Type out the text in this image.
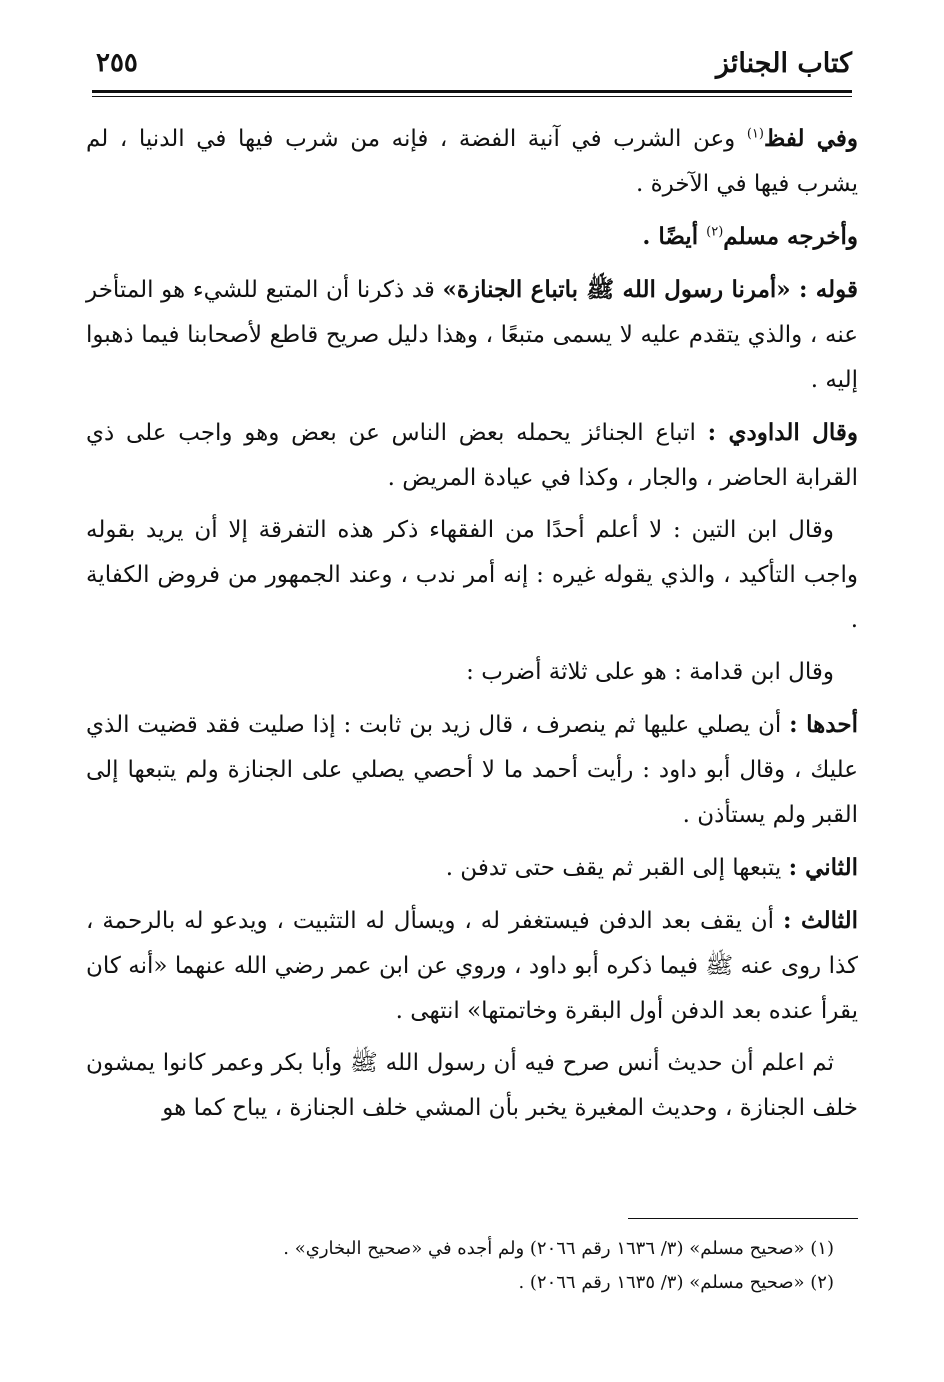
كتاب الجنائز
٢٥٥

وفي لفظ$^{(١)}$ وعن الشرب في آنية الفضة ، فإنه من شرب فيها في الدنيا ، لم يشرب فيها في الآخرة .

وأخرجه مسلم$^{(٢)}$ أيضًا .

قوله : «أمرنا رسول الله ﷺ باتباع الجنازة» قد ذكرنا أن المتبع للشيء هو المتأخر عنه ، والذي يتقدم عليه لا يسمى متبعًا ، وهذا دليل صريح قاطع لأصحابنا فيما ذهبوا إليه .

وقال الداودي : اتباع الجنائز يحمله بعض الناس عن بعض وهو واجب على ذي القرابة الحاضر ، والجار ، وكذا في عيادة المريض .

وقال ابن التين : لا أعلم أحدًا من الفقهاء ذكر هذه التفرقة إلا أن يريد بقوله واجب التأكيد ، والذي يقوله غيره : إنه أمر ندب ، وعند الجمهور من فروض الكفاية .

وقال ابن قدامة : هو على ثلاثة أضرب :

أحدها : أن يصلي عليها ثم ينصرف ، قال زيد بن ثابت : إذا صليت فقد قضيت الذي عليك ، وقال أبو داود : رأيت أحمد ما لا أحصي يصلي على الجنازة ولم يتبعها إلى القبر ولم يستأذن .

الثاني : يتبعها إلى القبر ثم يقف حتى تدفن .

الثالث : أن يقف بعد الدفن فيستغفر له ، ويسأل له التثبيت ، ويدعو له بالرحمة ، كذا روى عنه ﷺ فيما ذكره أبو داود ، وروي عن ابن عمر رضي الله عنهما «أنه كان يقرأ عنده بعد الدفن أول البقرة وخاتمتها» انتهى .

ثم اعلم أن حديث أنس صرح فيه أن رسول الله ﷺ وأبا بكر وعمر كانوا يمشون خلف الجنازة ، وحديث المغيرة يخبر بأن المشي خلف الجنازة ، يباح كما هو

(١) «صحيح مسلم» (٣/ ١٦٣٦ رقم ٢٠٦٦) ولم أجده في «صحيح البخاري» .

(٢) «صحيح مسلم» (٣/ ١٦٣٥ رقم ٢٠٦٦) .
